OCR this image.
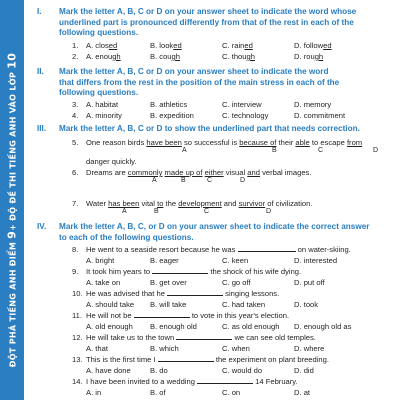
ĐỘT PHÁ TIẾNG ANH ĐIỂM 9+ ĐỘ ĐỀ THI TIẾNG ANH VÀO LỚP 10
I. Mark the letter A, B, C or D on your answer sheet to indicate the word whose
underlined part is pronounced differently from that of the rest in each of the
following questions.
1. A. closed	B. looked	C. rained	D. followed
2. A. enough	B. cough	C. though	D. rough
II. Mark the letter A, B, C or D on your answer sheet to indicate the word
that differs from the rest in the position of the main stress in each of the
following questions.
3. A. habitat	B. athletics	C. interview	D. memory
4. A. minority	B. expedition	C. technology	D. commitment
III. Mark the letter A, B, C or D to show the underlined part that needs correction.
5. One reason birds have been so successful is because of their able to escape from
A	B	C	D
danger quickly.
6. Dreams are commonly made up of either visual and verbal images.
A	B	C	D
7. Water has been vital to the development and survivor of civilization.
A	B	C	D
IV. Mark the letter A, B, C, or D on your answer sheet to indicate the correct answer
to each of the following questions.
8. He went to a seaside resort because he was	on water-skiing.
A. bright	B. eager	C. keen	D. interested
9. It took him years to	the shock of his wife dying.
A. take on	B. get over	C. go off	D. put off
10. He was advised that he	singing lessons.
A. should take B. will take	C. had taken	D. took
11. He will not be	to vote in this year's election.
A. old enough B. enough old	C. as old enough D. enough old as
12. He will take us to the town	we can see old temples.
A. that	B. which	C. when	D. where
13. This is the first time I	the experiment on plant breeding.
A. have done	B. do	C. would do	D. did
14. I have been invited to a wedding	14 February.
A. in	B. of	C. on	D. at
